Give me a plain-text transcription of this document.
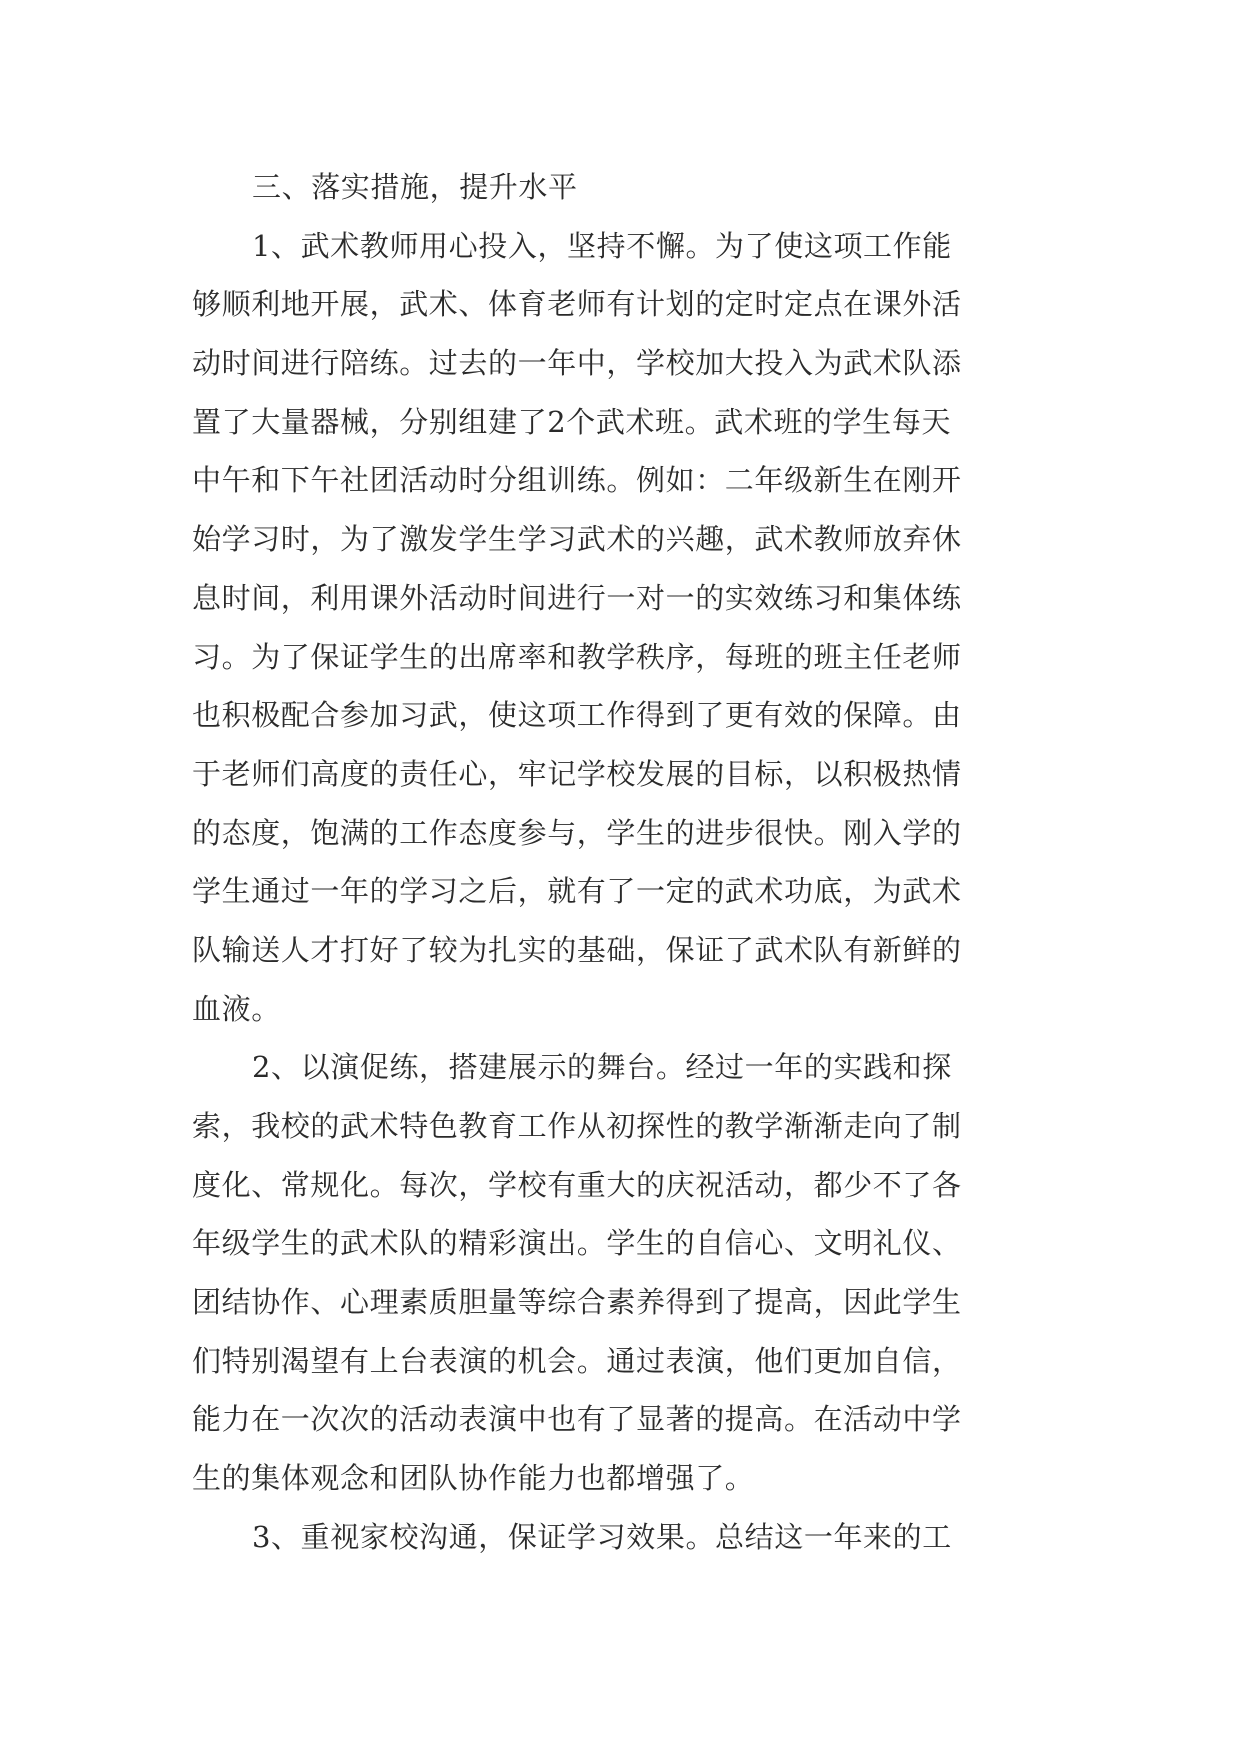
三、落实措施，提升水平
1、武术教师用心投入，坚持不懈。为了使这项工作能
够顺利地开展，武术、体育老师有计划的定时定点在课外活
动时间进行陪练。过去的一年中，学校加大投入为武术队添
置了大量器械，分别组建了2个武术班。武术班的学生每天
中午和下午社团活动时分组训练。例如：二年级新生在刚开
始学习时，为了激发学生学习武术的兴趣，武术教师放弃休
息时间，利用课外活动时间进行一对一的实效练习和集体练
习。为了保证学生的出席率和教学秩序，每班的班主任老师
也积极配合参加习武，使这项工作得到了更有效的保障。由
于老师们高度的责任心，牢记学校发展的目标，以积极热情
的态度，饱满的工作态度参与，学生的进步很快。刚入学的
学生通过一年的学习之后，就有了一定的武术功底，为武术
队输送人才打好了较为扎实的基础，保证了武术队有新鲜的
血液。
2、以演促练，搭建展示的舞台。经过一年的实践和探
索，我校的武术特色教育工作从初探性的教学渐渐走向了制
度化、常规化。每次，学校有重大的庆祝活动，都少不了各
年级学生的武术队的精彩演出。学生的自信心、文明礼仪、
团结协作、心理素质胆量等综合素养得到了提高，因此学生
们特别渴望有上台表演的机会。通过表演，他们更加自信，
能力在一次次的活动表演中也有了显著的提高。在活动中学
生的集体观念和团队协作能力也都增强了。
3、重视家校沟通，保证学习效果。总结这一年来的工
